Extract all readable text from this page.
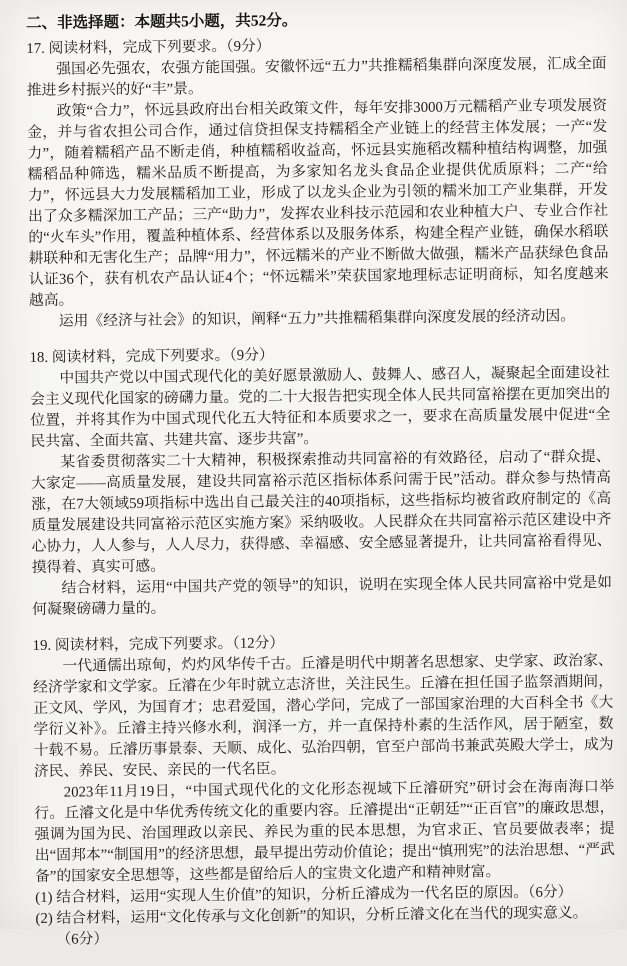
二、非选择题：本题共5小题，共52分。

17. 阅读材料，完成下列要求。（9分）

强国必先强农，农强方能国强。安徽怀远“五力”共推糯稻集群向深度发展，汇成全面推进乡村振兴的好“丰”景。

政策“合力”，怀远县政府出台相关政策文件，每年安排3000万元糯稻产业专项发展资金，并与省农担公司合作，通过信贷担保支持糯稻全产业链上的经营主体发展；一产“发力”，随着糯稻产品不断走俏，种植糯稻收益高，怀远县实施稻改糯种植结构调整，加强糯稻品种筛选，糯米品质不断提高，为多家知名龙头食品企业提供优质原料；二产“给力”，怀远县大力发展糯稻加工业，形成了以龙头企业为引领的糯米加工产业集群，开发出了众多糯深加工产品；三产“助力”，发挥农业科技示范园和农业种植大户、专业合作社的“火车头”作用，覆盖种植体系、经营体系以及服务体系，构建全程产业链，确保水稻联耕联种和无害化生产；品牌“用力”，怀远糯米的产业不断做大做强，糯米产品获绿色食品认证36个，获有机农产品认证4个；“怀远糯米”荣获国家地理标志证明商标，知名度越来越高。

运用《经济与社会》的知识，阐释“五力”共推糯稻集群向深度发展的经济动因。

18. 阅读材料，完成下列要求。（9分）

中国共产党以中国式现代化的美好愿景激励人、鼓舞人、感召人，凝聚起全面建设社会主义现代化国家的磅礴力量。党的二十大报告把实现全体人民共同富裕摆在更加突出的位置，并将其作为中国式现代化五大特征和本质要求之一，要求在高质量发展中促进“全民共富、全面共富、共建共富、逐步共富”。

某省委贯彻落实二十大精神，积极探索推动共同富裕的有效路径，启动了“群众提、大家定——高质量发展，建设共同富裕示范区指标体系问需于民”活动。群众参与热情高涨，在7大领域59项指标中选出自己最关注的40项指标，这些指标均被省政府制定的《高质量发展建设共同富裕示范区实施方案》采纳吸收。人民群众在共同富裕示范区建设中齐心协力，人人参与，人人尽力，获得感、幸福感、安全感显著提升，让共同富裕看得见、摸得着、真实可感。

结合材料，运用“中国共产党的领导”的知识，说明在实现全体人民共同富裕中党是如何凝聚磅礴力量的。

19. 阅读材料，完成下列要求。（12分）

一代通儒出琼甸，灼灼风华传千古。丘濬是明代中期著名思想家、史学家、政治家、经济学家和文学家。丘濬在少年时就立志济世，关注民生。丘濬在担任国子监祭酒期间，正文风、学风，为国育才；忠君爱国，潜心学问，完成了一部国家治理的大百科全书《大学衍义补》。丘濬主持兴修水利，润泽一方，并一直保持朴素的生活作风，居于陋室，数十载不易。丘濬历事景泰、天顺、成化、弘治四朝，官至户部尚书兼武英殿大学士，成为济民、养民、安民、亲民的一代名臣。

2023年11月19日，“中国式现代化的文化形态视域下丘濬研究”研讨会在海南海口举行。丘濬文化是中华优秀传统文化的重要内容。丘濬提出“正朝廷”“正百官”的廉政思想，强调为国为民、治国理政以亲民、养民为重的民本思想，为官求正、官员要做表率；提出“固邦本”“制国用”的经济思想，最早提出劳动价值论；提出“慎刑宪”的法治思想、“严武备”的国家安全思想等，这些都是留给后人的宝贵文化遗产和精神财富。

(1) 结合材料，运用“实现人生价值”的知识，分析丘濬成为一代名臣的原因。（6分）

(2) 结合材料，运用“文化传承与文化创新”的知识，分析丘濬文化在当代的现实意义。

（6分）
